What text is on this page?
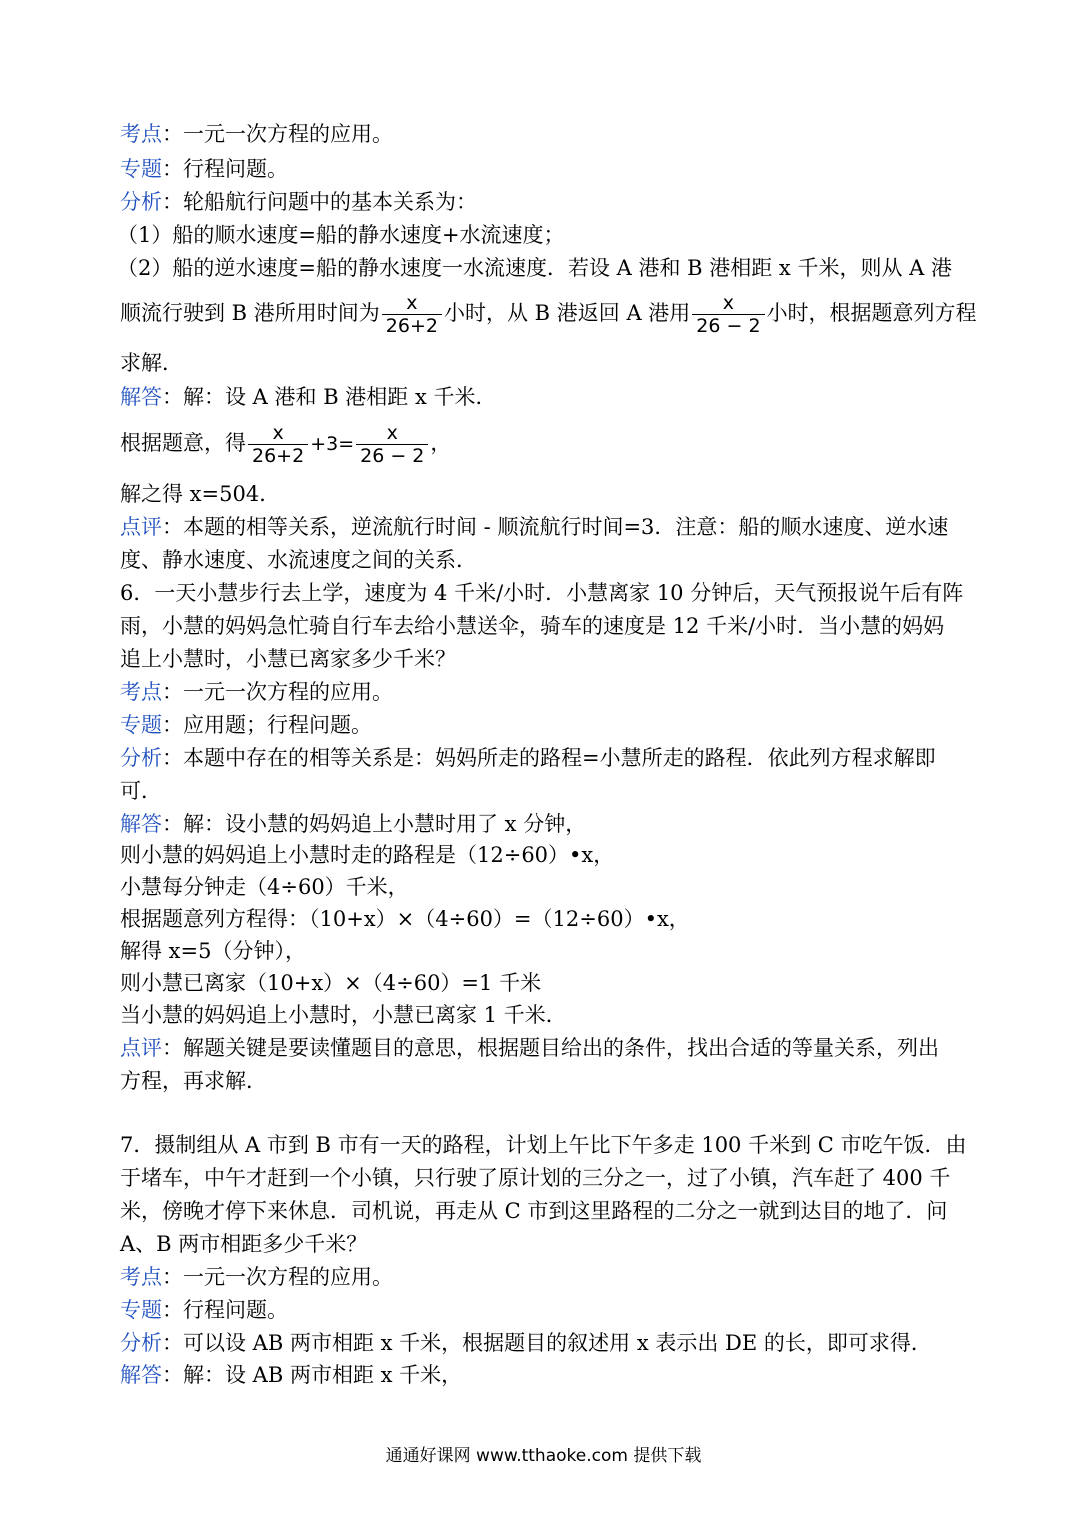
考点：一元一次方程的应用。
专题：行程问题。
分析：轮船航行问题中的基本关系为：
（1）船的顺水速度=船的静水速度+水流速度；
（2）船的逆水速度=船的静水速度一水流速度．若设 A 港和 B 港相距 x 千米，则从 A 港
顺流行驶到 B 港所用时间为 $\frac{x}{26+2}$ 小时，从 B 港返回 A 港用 $\frac{x}{26 - 2}$ 小时，根据题意列方程
求解．
解答：解：设 A 港和 B 港相距 x 千米．
根据题意，得 $\frac{x}{26+2} +3= \frac{x}{26 - 2}$ ，
解之得 x=504．
点评：本题的相等关系，逆流航行时间 - 顺流航行时间=3．注意：船的顺水速度、逆水速
度、静水速度、水流速度之间的关系．
6．一天小慧步行去上学，速度为 4 千米/小时．小慧离家 10 分钟后，天气预报说午后有阵
雨，小慧的妈妈急忙骑自行车去给小慧送伞，骑车的速度是 12 千米/小时．当小慧的妈妈
追上小慧时，小慧已离家多少千米？
考点：一元一次方程的应用。
专题：应用题；行程问题。
分析：本题中存在的相等关系是：妈妈所走的路程=小慧所走的路程．依此列方程求解即
可．
解答：解：设小慧的妈妈追上小慧时用了 x 分钟，
则小慧的妈妈追上小慧时走的路程是（12÷60）•x，
小慧每分钟走（4÷60）千米，
根据题意列方程得：（10+x）×（4÷60）=（12÷60）•x，
解得 x=5（分钟），
则小慧已离家（10+x）×（4÷60）=1 千米
当小慧的妈妈追上小慧时，小慧已离家 1 千米．
点评：解题关键是要读懂题目的意思，根据题目给出的条件，找出合适的等量关系，列出
方程，再求解．
7．摄制组从 A 市到 B 市有一天的路程，计划上午比下午多走 100 千米到 C 市吃午饭．由
于堵车，中午才赶到一个小镇，只行驶了原计划的三分之一，过了小镇，汽车赶了 400 千
米，傍晚才停下来休息．司机说，再走从 C 市到这里路程的二分之一就到达目的地了．问
A、B 两市相距多少千米？
考点：一元一次方程的应用。
专题：行程问题。
分析：可以设 AB 两市相距 x 千米，根据题目的叙述用 x 表示出 DE 的长，即可求得．
解答：解：设 AB 两市相距 x 千米，
通通好课网 www.tthaoke.com 提供下载
